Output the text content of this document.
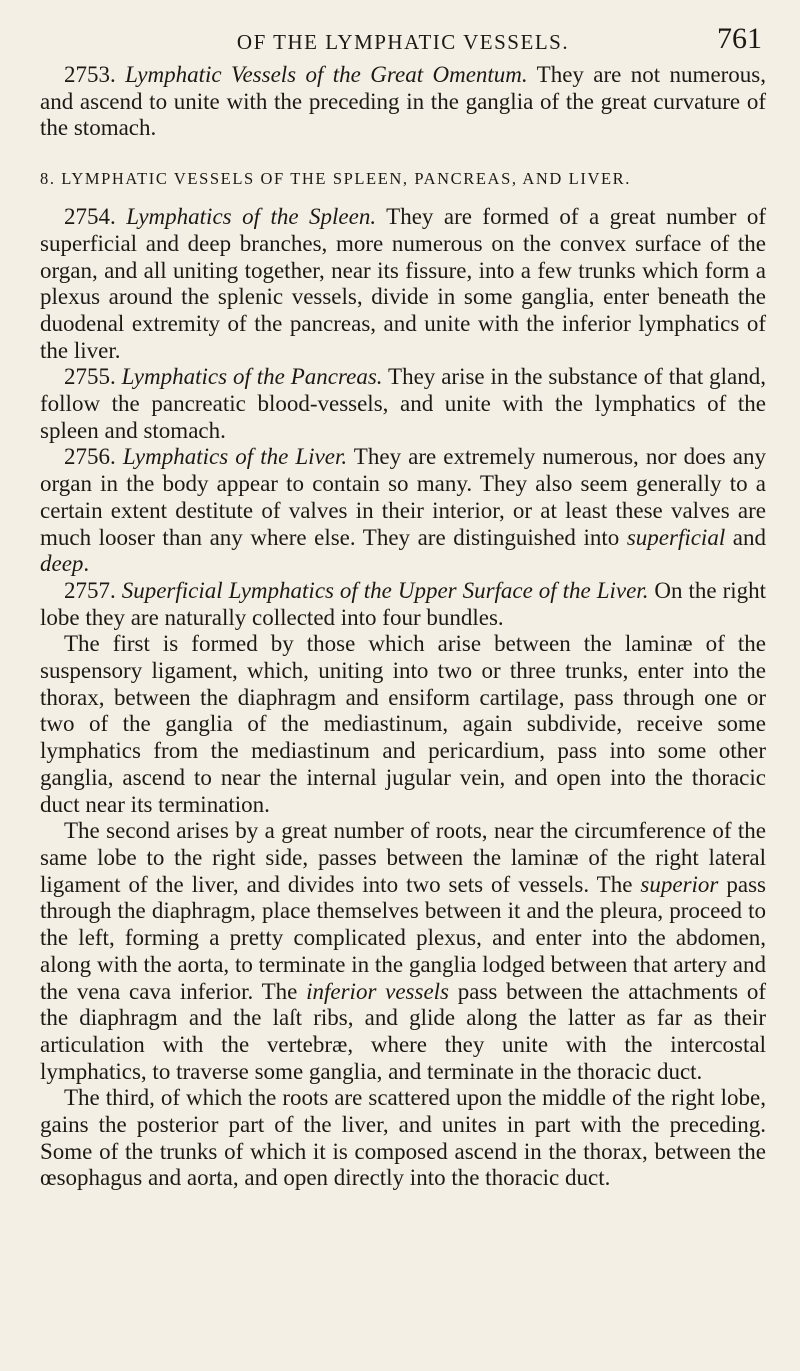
OF THE LYMPHATIC VESSELS.	761

2753. Lymphatic Vessels of the Great Omentum. They are not numerous, and ascend to unite with the preceding in the ganglia of the great curvature of the stomach.

8. LYMPHATIC VESSELS OF THE SPLEEN, PANCREAS, AND LIVER.

2754. Lymphatics of the Spleen. They are formed of a great number of superficial and deep branches, more numerous on the convex surface of the organ, and all uniting together, near its fissure, into a few trunks which form a plexus around the splenic vessels, divide in some ganglia, enter beneath the duodenal extremity of the pancreas, and unite with the inferior lymphatics of the liver.

2755. Lymphatics of the Pancreas. They arise in the substance of that gland, follow the pancreatic blood-vessels, and unite with the lymphatics of the spleen and stomach.

2756. Lymphatics of the Liver. They are extremely numerous, nor does any organ in the body appear to contain so many. They also seem generally to a certain extent destitute of valves in their interior, or at least these valves are much looser than any where else. They are distinguished into superficial and deep.

2757. Superficial Lymphatics of the Upper Surface of the Liver. On the right lobe they are naturally collected into four bundles.

The first is formed by those which arise between the laminæ of the suspensory ligament, which, uniting into two or three trunks, enter into the thorax, between the diaphragm and ensiform cartilage, pass through one or two of the ganglia of the mediastinum, again subdivide, receive some lymphatics from the mediastinum and pericardium, pass into some other ganglia, ascend to near the internal jugular vein, and open into the thoracic duct near its termination.

The second arises by a great number of roots, near the circumference of the same lobe to the right side, passes between the laminæ of the right lateral ligament of the liver, and divides into two sets of vessels. The superior pass through the diaphragm, place themselves between it and the pleura, proceed to the left, forming a pretty complicated plexus, and enter into the abdomen, along with the aorta, to terminate in the ganglia lodged between that artery and the vena cava inferior. The inferior vessels pass between the attachments of the diaphragm and the laſt ribs, and glide along the latter as far as their articulation with the vertebræ, where they unite with the intercostal lymphatics, to traverse some ganglia, and terminate in the thoracic duct.

The third, of which the roots are scattered upon the middle of the right lobe, gains the posterior part of the liver, and unites in part with the preceding. Some of the trunks of which it is composed ascend in the thorax, between the œsophagus and aorta, and open directly into the thoracic duct.
